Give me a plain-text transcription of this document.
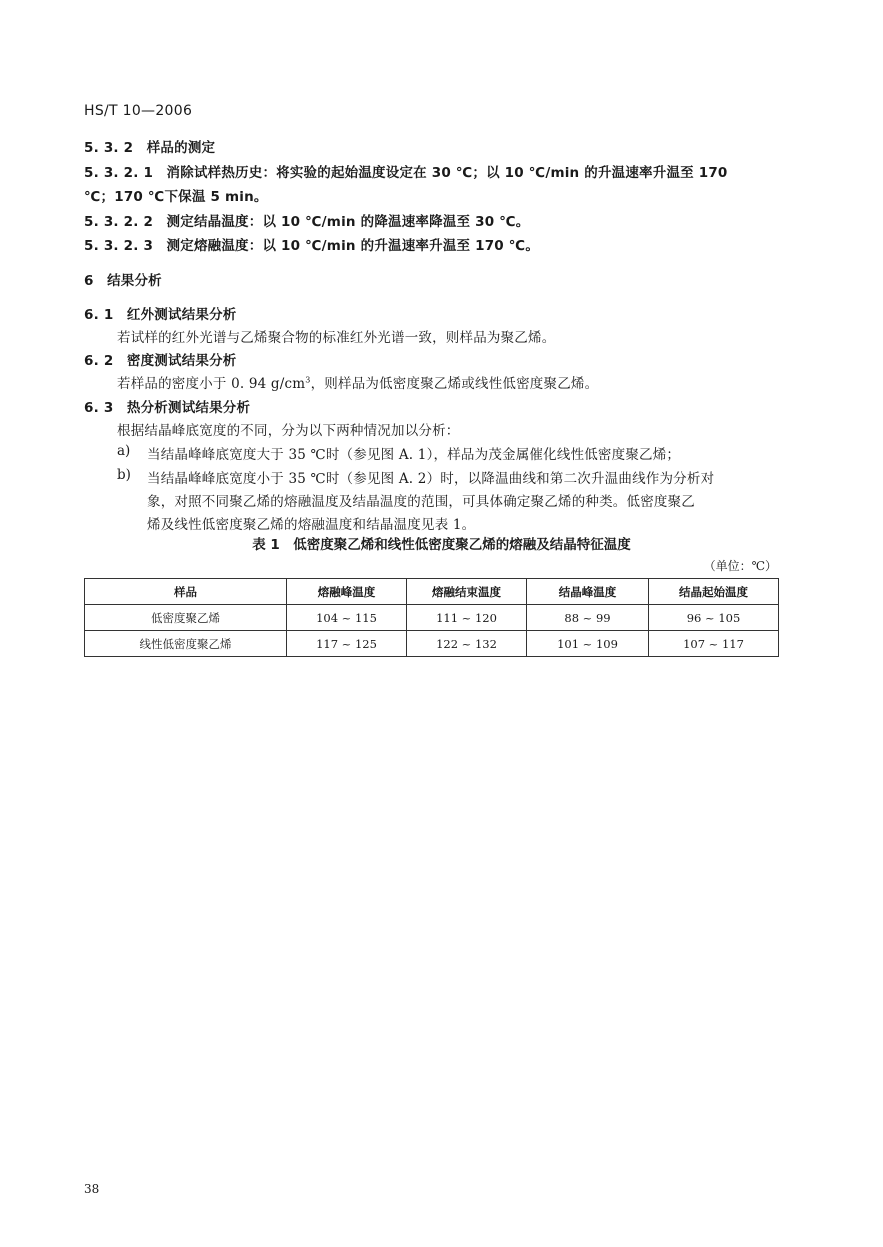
HS/T 10—2006
5. 3. 2 样品的测定
5. 3. 2. 1 消除试样热历史：将实验的起始温度设定在 30 ℃；以 10 ℃/min 的升温速率升温至 170
℃；170 ℃下保温 5 min。
5. 3. 2. 2 测定结晶温度：以 10 ℃/min 的降温速率降温至 30 ℃。
5. 3. 2. 3 测定熔融温度：以 10 ℃/min 的升温速率升温至 170 ℃。
6 结果分析
6. 1 红外测试结果分析
若试样的红外光谱与乙烯聚合物的标准红外光谱一致，则样品为聚乙烯。
6. 2 密度测试结果分析
若样品的密度小于 0. 94 $g/cm^3$，则样品为低密度聚乙烯或线性低密度聚乙烯。
6. 3 热分析测试结果分析
根据结晶峰底宽度的不同，分为以下两种情况加以分析：
a) 当结晶峰峰底宽度大于 35 ℃时（参见图 A. 1），样品为茂金属催化线性低密度聚乙烯；
b) 当结晶峰峰底宽度小于 35 ℃时（参见图 A. 2）时，以降温曲线和第二次升温曲线作为分析对
象，对照不同聚乙烯的熔融温度及结晶温度的范围，可具体确定聚乙烯的种类。低密度聚乙
烯及线性低密度聚乙烯的熔融温度和结晶温度见表 1。
表 1　低密度聚乙烯和线性低密度聚乙烯的熔融及结晶特征温度
（单位：℃）
样品	熔融峰温度	熔融结束温度	结晶峰温度	结晶起始温度
低密度聚乙烯	104 ~ 115	111 ~ 120	88 ~ 99	96 ~ 105
线性低密度聚乙烯	117 ~ 125	122 ~ 132	101 ~ 109	107 ~ 117
38
